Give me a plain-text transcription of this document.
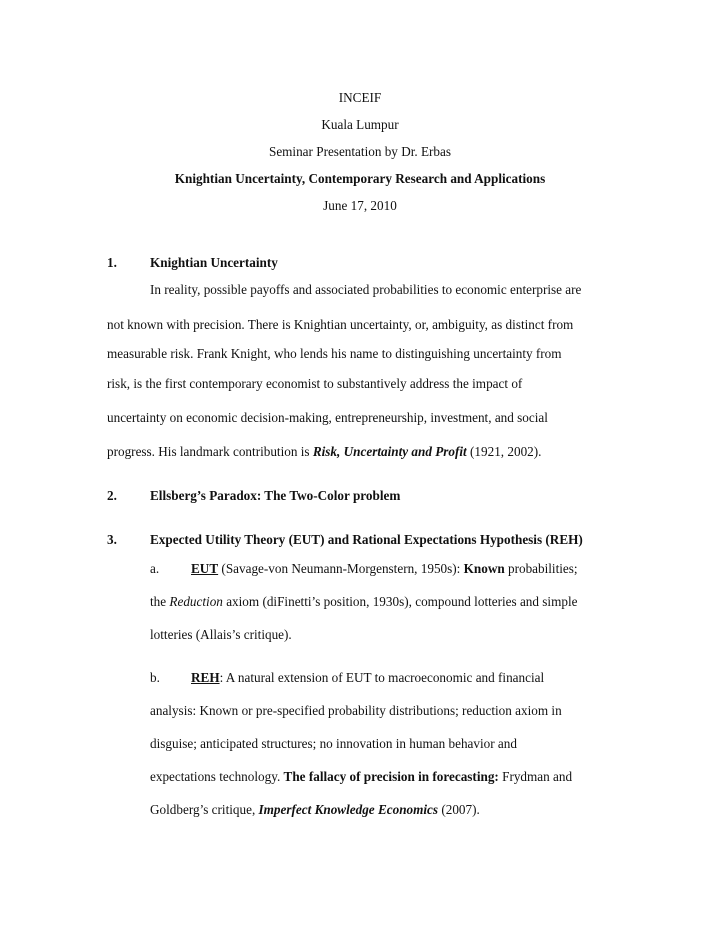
INCEIF
Kuala Lumpur
Seminar Presentation by Dr. Erbas
Knightian Uncertainty, Contemporary Research and Applications
June 17, 2010
1.	Knightian Uncertainty
In reality, possible payoffs and associated probabilities to economic enterprise are
not known with precision. There is Knightian uncertainty, or, ambiguity, as distinct from
measurable risk. Frank Knight, who lends his name to distinguishing uncertainty from
risk, is the first contemporary economist to substantively address the impact of
uncertainty on economic decision-making, entrepreneurship, investment, and social
progress. His landmark contribution is Risk, Uncertainty and Profit (1921, 2002).
2.	Ellsberg’s Paradox: The Two-Color problem
3.	Expected Utility Theory (EUT) and Rational Expectations Hypothesis (REH)
a. EUT (Savage-von Neumann-Morgenstern, 1950s): Known probabilities;
the Reduction axiom (diFinetti’s position, 1930s), compound lotteries and simple
lotteries (Allais’s critique).
b. REH: A natural extension of EUT to macroeconomic and financial
analysis: Known or pre-specified probability distributions; reduction axiom in
disguise; anticipated structures; no innovation in human behavior and
expectations technology. The fallacy of precision in forecasting: Frydman and
Goldberg’s critique, Imperfect Knowledge Economics (2007).
